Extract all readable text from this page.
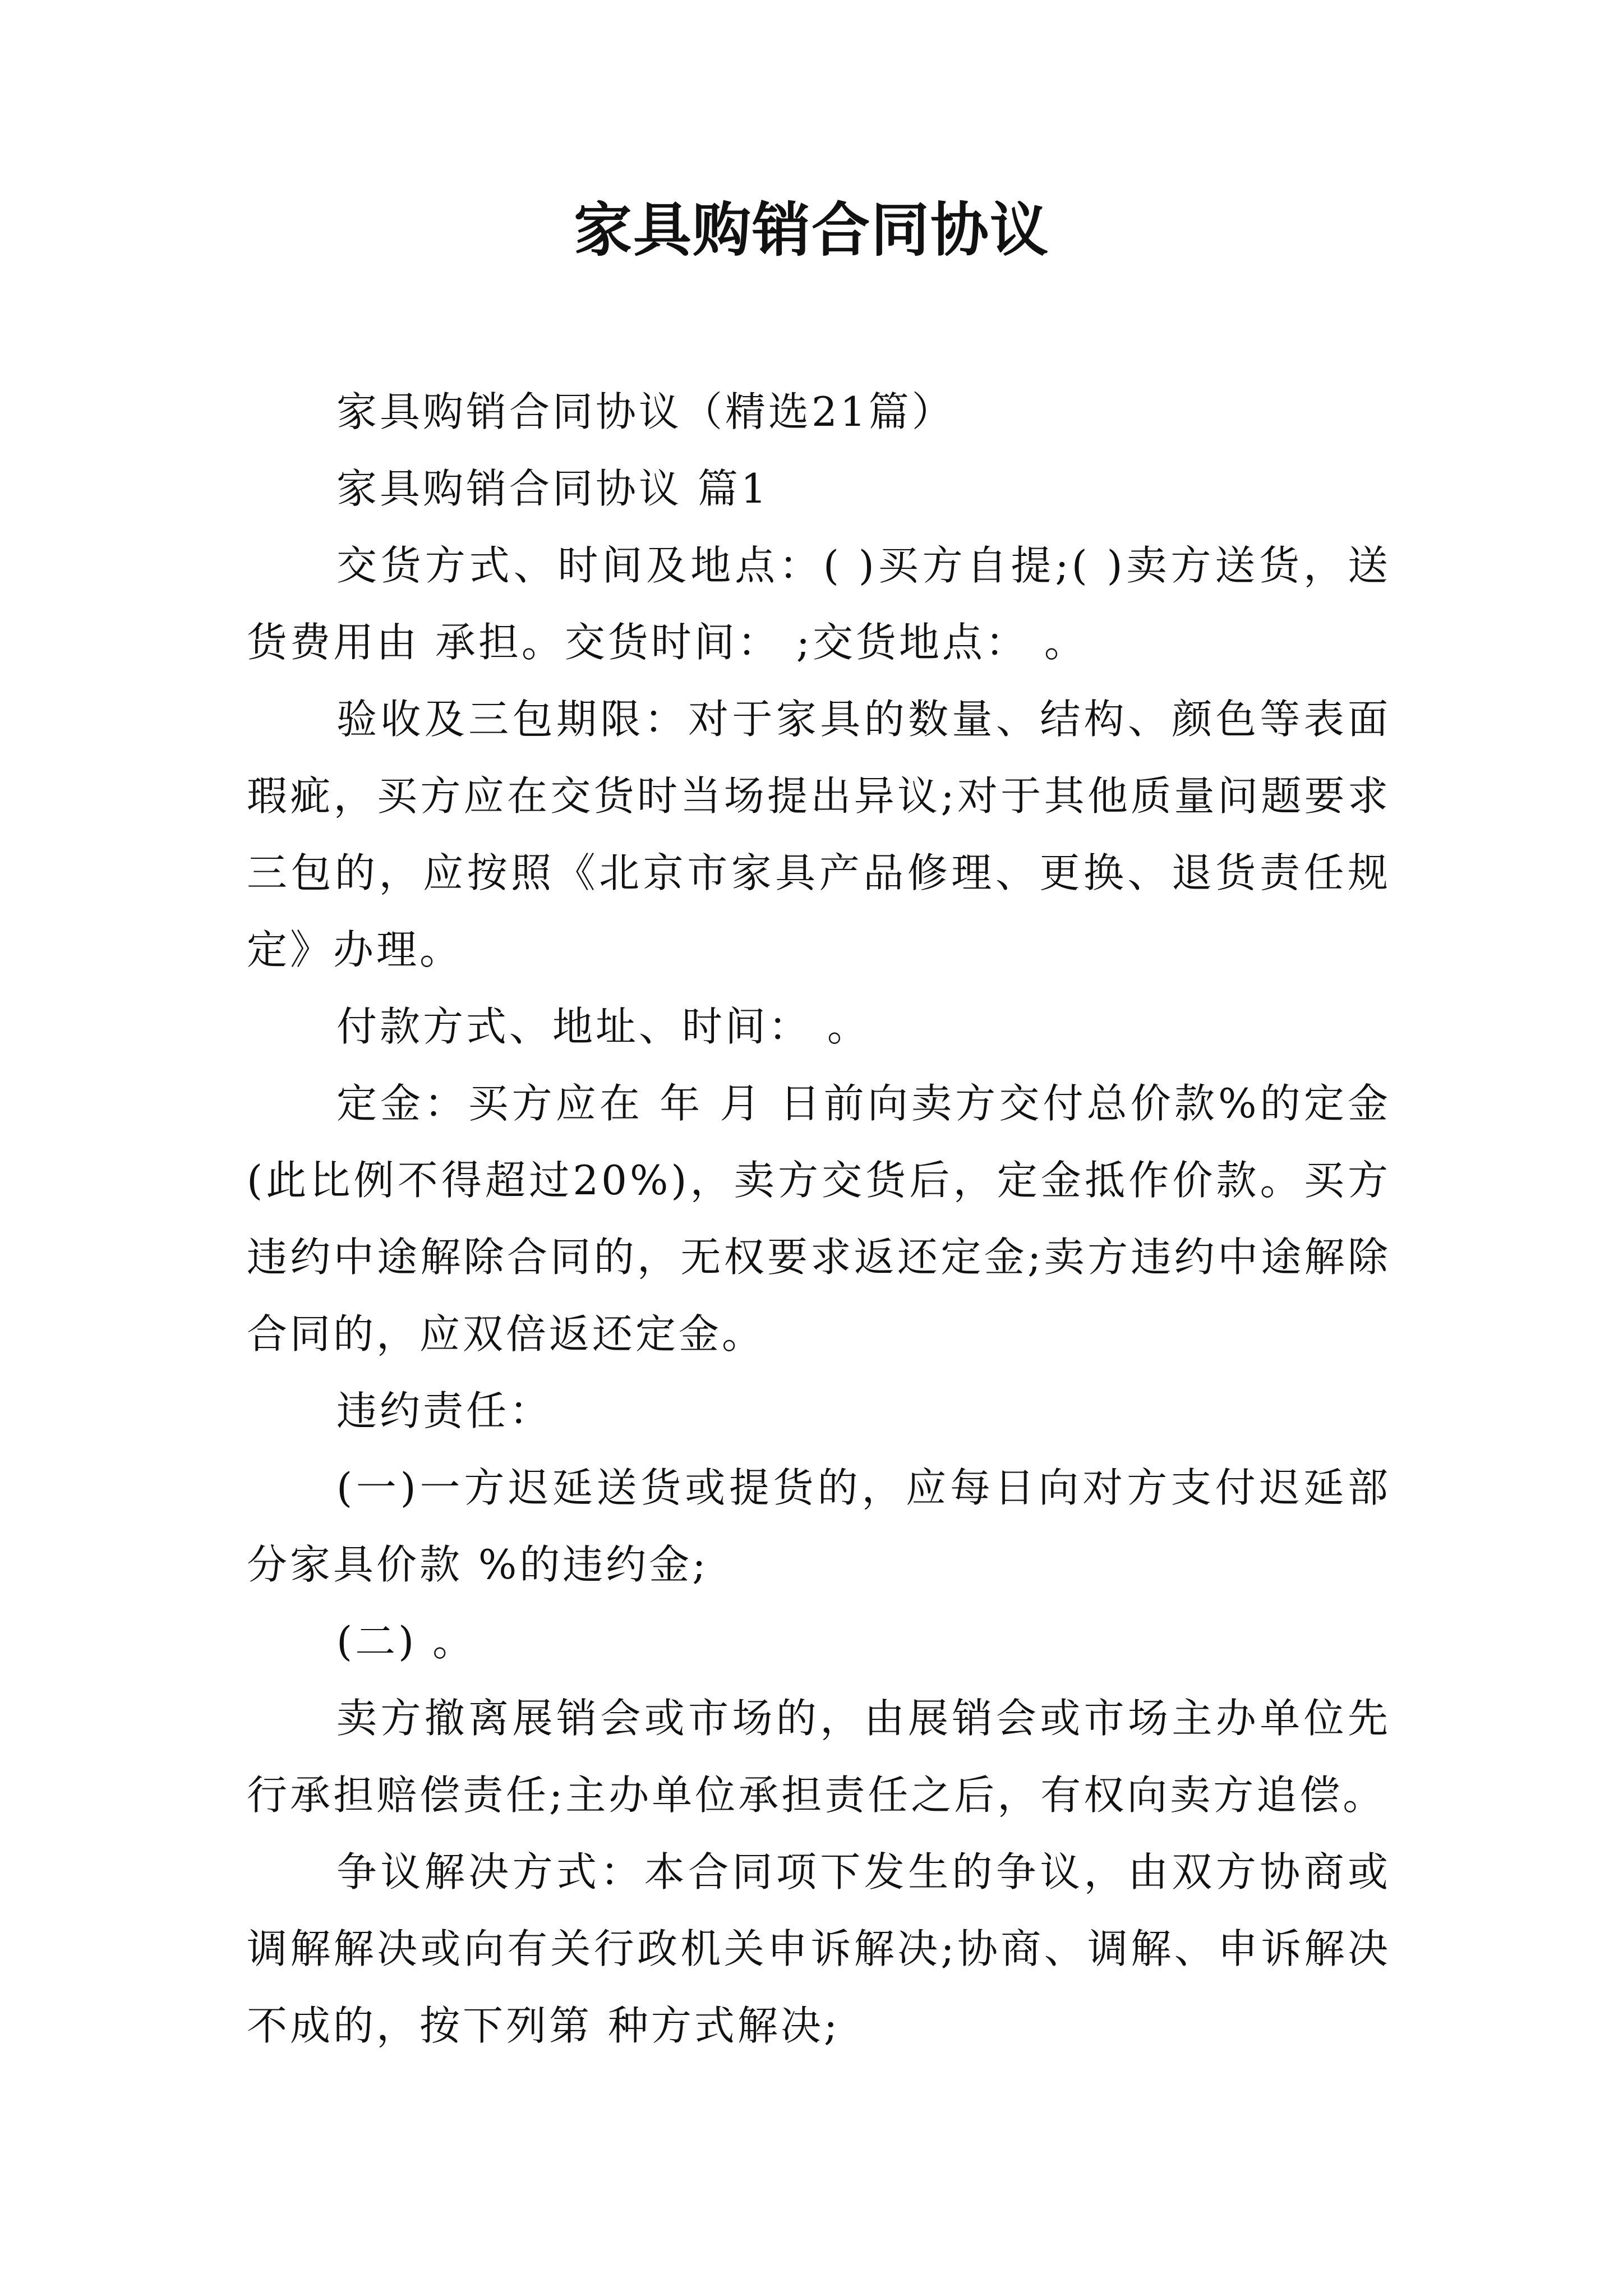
家具购销合同协议

家具购销合同协议（精选21篇）

家具购销合同协议 篇1

交货方式、时间及地点：( )买方自提;( )卖方送货，送货费用由 承担。交货时间： ;交货地点： 。

验收及三包期限：对于家具的数量、结构、颜色等表面瑕疵，买方应在交货时当场提出异议;对于其他质量问题要求三包的，应按照《北京市家具产品修理、更换、退货责任规定》办理。

付款方式、地址、时间： 。

定金：买方应在 年 月 日前向卖方交付总价款%的定金(此比例不得超过20%)，卖方交货后，定金抵作价款。买方违约中途解除合同的，无权要求返还定金;卖方违约中途解除合同的，应双倍返还定金。

违约责任：

(一)一方迟延送货或提货的，应每日向对方支付迟延部分家具价款 %的违约金;

(二) 。

卖方撤离展销会或市场的，由展销会或市场主办单位先行承担赔偿责任;主办单位承担责任之后，有权向卖方追偿。

争议解决方式：本合同项下发生的争议，由双方协商或调解解决或向有关行政机关申诉解决;协商、调解、申诉解决不成的，按下列第 种方式解决;
